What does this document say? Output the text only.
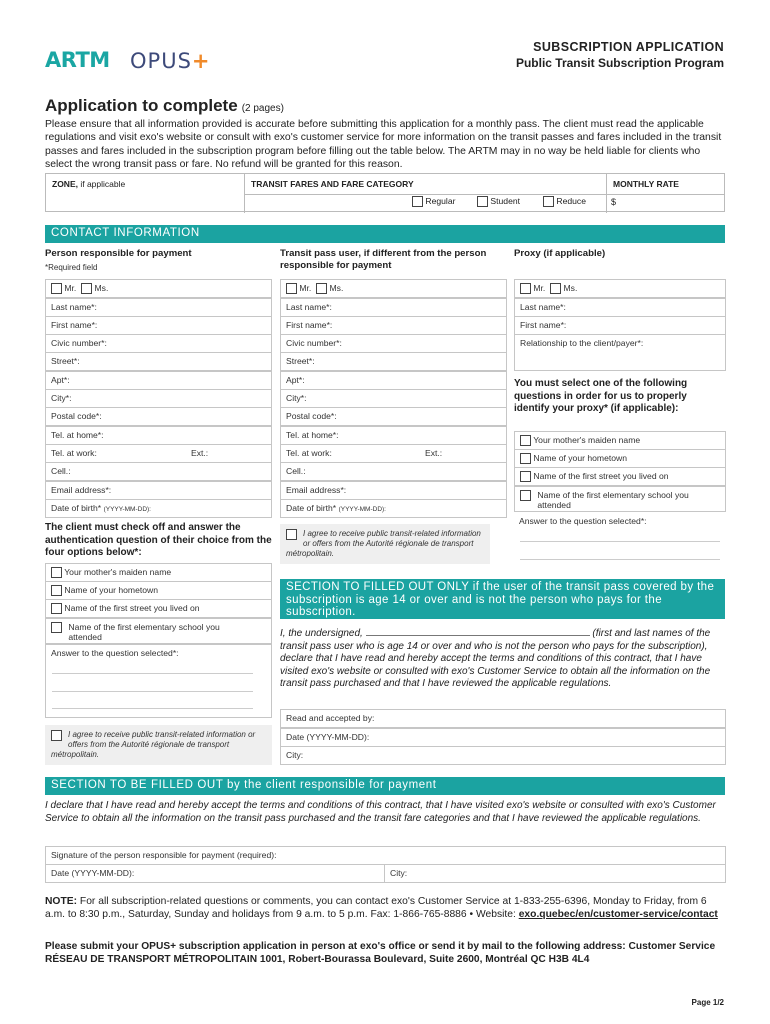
ARTM OPUS+
SUBSCRIPTION APPLICATION
Public Transit Subscription Program
Application to complete (2 pages)
Please ensure that all information provided is accurate before submitting this application for a monthly pass. The client must read the applicable regulations and visit exo's website or consult with exo's customer service for more information on the transit passes and fares included in the transit passes and fares included in the subscription program before filling out the table below. The ARTM may in no way be held liable for clients who select the wrong transit pass or fare. No refund will be granted for this reason.
ZONE, if applicable	TRANSIT FARES AND FARE CATEGORY	MONTHLY RATE
Regular	Student	Reduce	$
CONTACT INFORMATION
Person responsible for payment
*Required field
Transit pass user, if different from the person responsible for payment
Proxy (if applicable)
Mr. Ms.
Last name*:
First name*:
Civic number*:
Street*:
Apt*:
City*:
Postal code*:
Tel. at home*:
Tel. at work:	Ext.:
Cell.:
Email address*:
Date of birth* (YYYY-MM-DD):
The client must check off and answer the authentication question of their choice from the four options below*:
Your mother's maiden name
Name of your hometown
Name of the first street you lived on
Name of the first elementary school you attended
Answer to the question selected*:
I agree to receive public transit-related information or offers from the Autorité régionale de transport métropolitain.
Mr. Ms.
Last name*:
First name*:
Civic number*:
Street*:
Apt*:
City*:
Postal code*:
Tel. at home*:
Tel. at work:	Ext.:
Cell.:
Email address*:
Date of birth* (YYYY-MM-DD):
I agree to receive public transit-related information or offers from the Autorité régionale de transport métropolitain.
Mr. Ms.
Last name*:
First name*:
Relationship to the client/payer*:
You must select one of the following questions in order for us to properly identify your proxy* (if applicable):
Your mother's maiden name
Name of your hometown
Name of the first street you lived on
Name of the first elementary school you attended
Answer to the question selected*:
SECTION TO FILLED OUT ONLY if the user of the transit pass covered by the subscription is age 14 or over and is not the person who pays for the subscription.
I, the undersigned,	(first and last names of the transit pass user who is age 14 or over and who is not the person who pays for the subscription), declare that I have read and hereby accept the terms and conditions of this contract, that I have visited exo's website or consulted with exo's Customer Service to obtain all the information on the transit pass purchased and that I have reviewed the applicable regulations.
Read and accepted by:
Date (YYYY-MM-DD):
City:
SECTION TO BE FILLED OUT by the client responsible for payment
I declare that I have read and hereby accept the terms and conditions of this contract, that I have visited exo's website or consulted with exo's Customer Service to obtain all the information on the transit pass purchased and the transit fare categories and that I have reviewed the applicable regulations.
Signature of the person responsible for payment (required):
Date (YYYY-MM-DD):	City:
NOTE: For all subscription-related questions or comments, you can contact exo's Customer Service at 1-833-255-6396, Monday to Friday, from 6 a.m. to 8:30 p.m., Saturday, Sunday and holidays from 9 a.m. to 5 p.m. Fax: 1-866-765-8886 • Website: exo.quebec/en/customer-service/contact
Please submit your OPUS+ subscription application in person at exo's office or send it by mail to the following address: Customer Service RÉSEAU DE TRANSPORT MÉTROPOLITAIN 1001, Robert-Bourassa Boulevard, Suite 2600, Montréal QC H3B 4L4
Page 1/2
